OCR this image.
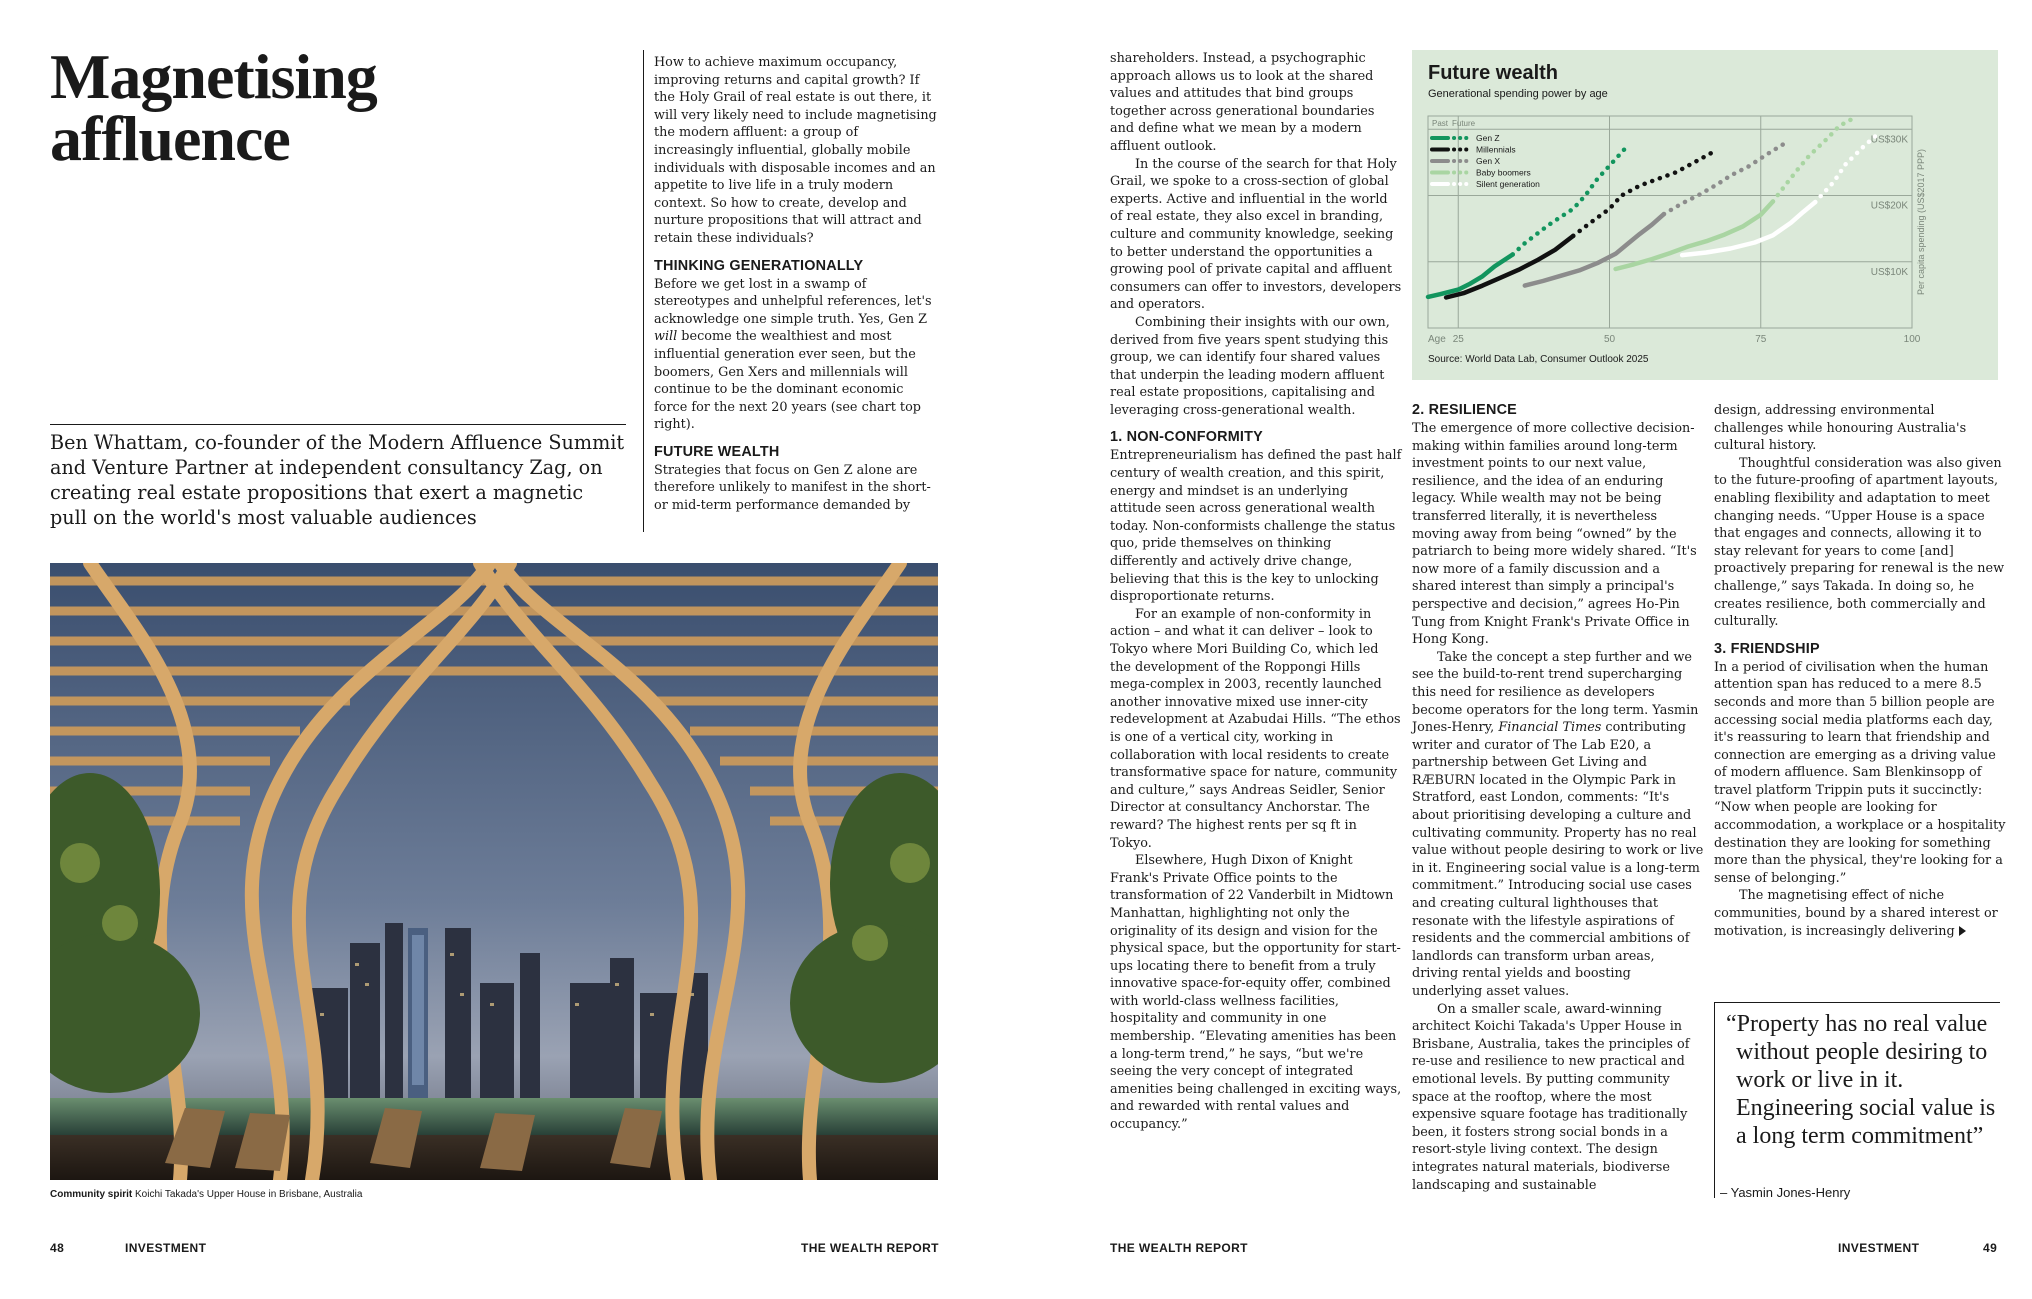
Magnetising
affluence

How to achieve maximum occupancy, improving returns and capital growth? If the Holy Grail of real estate is out there, it will very likely need to include magnetising the modern affluent: a group of increasingly influential, globally mobile individuals with disposable incomes and an appetite to live life in a truly modern context. So how to create, develop and nurture propositions that will attract and retain these individuals?

THINKING GENERATIONALLY

Before we get lost in a swamp of stereotypes and unhelpful references, let's acknowledge one simple truth. Yes, Gen Z will become the wealthiest and most influential generation ever seen, but the boomers, Gen Xers and millennials will continue to be the dominant economic force for the next 20 years (see chart top right).

FUTURE WEALTH

Strategies that focus on Gen Z alone are therefore unlikely to manifest in the short- or mid-term performance demanded by

Ben Whattam, co-founder of the Modern Affluence Summit and Venture Partner at independent consultancy Zag, on creating real estate propositions that exert a magnetic pull on the world's most valuable audiences

Community spirit Koichi Takada's Upper House in Brisbane, Australia

48	INVESTMENT	THE WEALTH REPORT

shareholders. Instead, a psychographic approach allows us to look at the shared values and attitudes that bind groups together across generational boundaries and define what we mean by a modern affluent outlook.

In the course of the search for that Holy Grail, we spoke to a cross-section of global experts. Active and influential in the world of real estate, they also excel in branding, culture and community knowledge, seeking to better understand the opportunities a growing pool of private capital and affluent consumers can offer to investors, developers and operators.

Combining their insights with our own, derived from five years spent studying this group, we can identify four shared values that underpin the leading modern affluent real estate propositions, capitalising and leveraging cross-generational wealth.

1. NON-CONFORMITY

Entrepreneurialism has defined the past half century of wealth creation, and this spirit, energy and mindset is an underlying attitude seen across generational wealth today. Non-conformists challenge the status quo, pride themselves on thinking differently and actively drive change, believing that this is the key to unlocking disproportionate returns.

For an example of non-conformity in action – and what it can deliver – look to Tokyo where Mori Building Co, which led the development of the Roppongi Hills mega-complex in 2003, recently launched another innovative mixed use inner-city redevelopment at Azabudai Hills. “The ethos is one of a vertical city, working in collaboration with local residents to create transformative space for nature, community and culture,” says Andreas Seidler, Senior Director at consultancy Anchorstar. The reward? The highest rents per sq ft in Tokyo.

Elsewhere, Hugh Dixon of Knight Frank's Private Office points to the transformation of 22 Vanderbilt in Midtown Manhattan, highlighting not only the originality of its design and vision for the physical space, but the opportunity for start-ups locating there to benefit from a truly innovative space-for-equity offer, combined with world-class wellness facilities, hospitality and community in one membership. “Elevating amenities has been a long-term trend,” he says, “but we're seeing the very concept of integrated amenities being challenged in exciting ways, and rewarded with rental values and occupancy.”

25	50	75	100
US$10K
US$20K
US$30K
Age
Per capita spending (US$2017 PPP)
Past Future
Gen Z
Millennials
Gen X
Baby boomers
Silent generation
Future wealth
Generational spending power by age
Source: World Data Lab, Consumer Outlook 2025
2. RESILIENCE

The emergence of more collective decision-making within families around long-term investment points to our next value, resilience, and the idea of an enduring legacy. While wealth may not be being transferred literally, it is nevertheless moving away from being “owned” by the patriarch to being more widely shared. “It's now more of a family discussion and a shared interest than simply a principal's perspective and decision,” agrees Ho-Pin Tung from Knight Frank's Private Office in Hong Kong.

Take the concept a step further and we see the build-to-rent trend supercharging this need for resilience as developers become operators for the long term. Yasmin Jones-Henry, Financial Times contributing writer and curator of The Lab E20, a partnership between Get Living and RÆBURN located in the Olympic Park in Stratford, east London, comments: “It's about prioritising developing a culture and cultivating community. Property has no real value without people desiring to work or live in it. Engineering social value is a long-term commitment.” Introducing social use cases and creating cultural lighthouses that resonate with the lifestyle aspirations of residents and the commercial ambitions of landlords can transform urban areas, driving rental yields and boosting underlying asset values.

On a smaller scale, award-winning architect Koichi Takada's Upper House in Brisbane, Australia, takes the principles of re-use and resilience to new practical and emotional levels. By putting community space at the rooftop, where the most expensive square footage has traditionally been, it fosters strong social bonds in a resort-style living context. The design integrates natural materials, biodiverse landscaping and sustainable

design, addressing environmental challenges while honouring Australia's cultural history.

Thoughtful consideration was also given to the future-proofing of apartment layouts, enabling flexibility and adaptation to meet changing needs. “Upper House is a space that engages and connects, allowing it to stay relevant for years to come [and] proactively preparing for renewal is the new challenge,” says Takada. In doing so, he creates resilience, both commercially and culturally.

3. FRIENDSHIP

In a period of civilisation when the human attention span has reduced to a mere 8.5 seconds and more than 5 billion people are accessing social media platforms each day, it's reassuring to learn that friendship and connection are emerging as a driving value of modern affluence. Sam Blenkinsopp of travel platform Trippin puts it succinctly: “Now when people are looking for accommodation, a workplace or a hospitality destination they are looking for something more than the physical, they're looking for a sense of belonging.”

The magnetising effect of niche communities, bound by a shared interest or motivation, is increasingly delivering

“Property has no real value without people desiring to work or live in it. Engineering social value is a long term commitment”

– Yasmin Jones-Henry

THE WEALTH REPORT	INVESTMENT	49
